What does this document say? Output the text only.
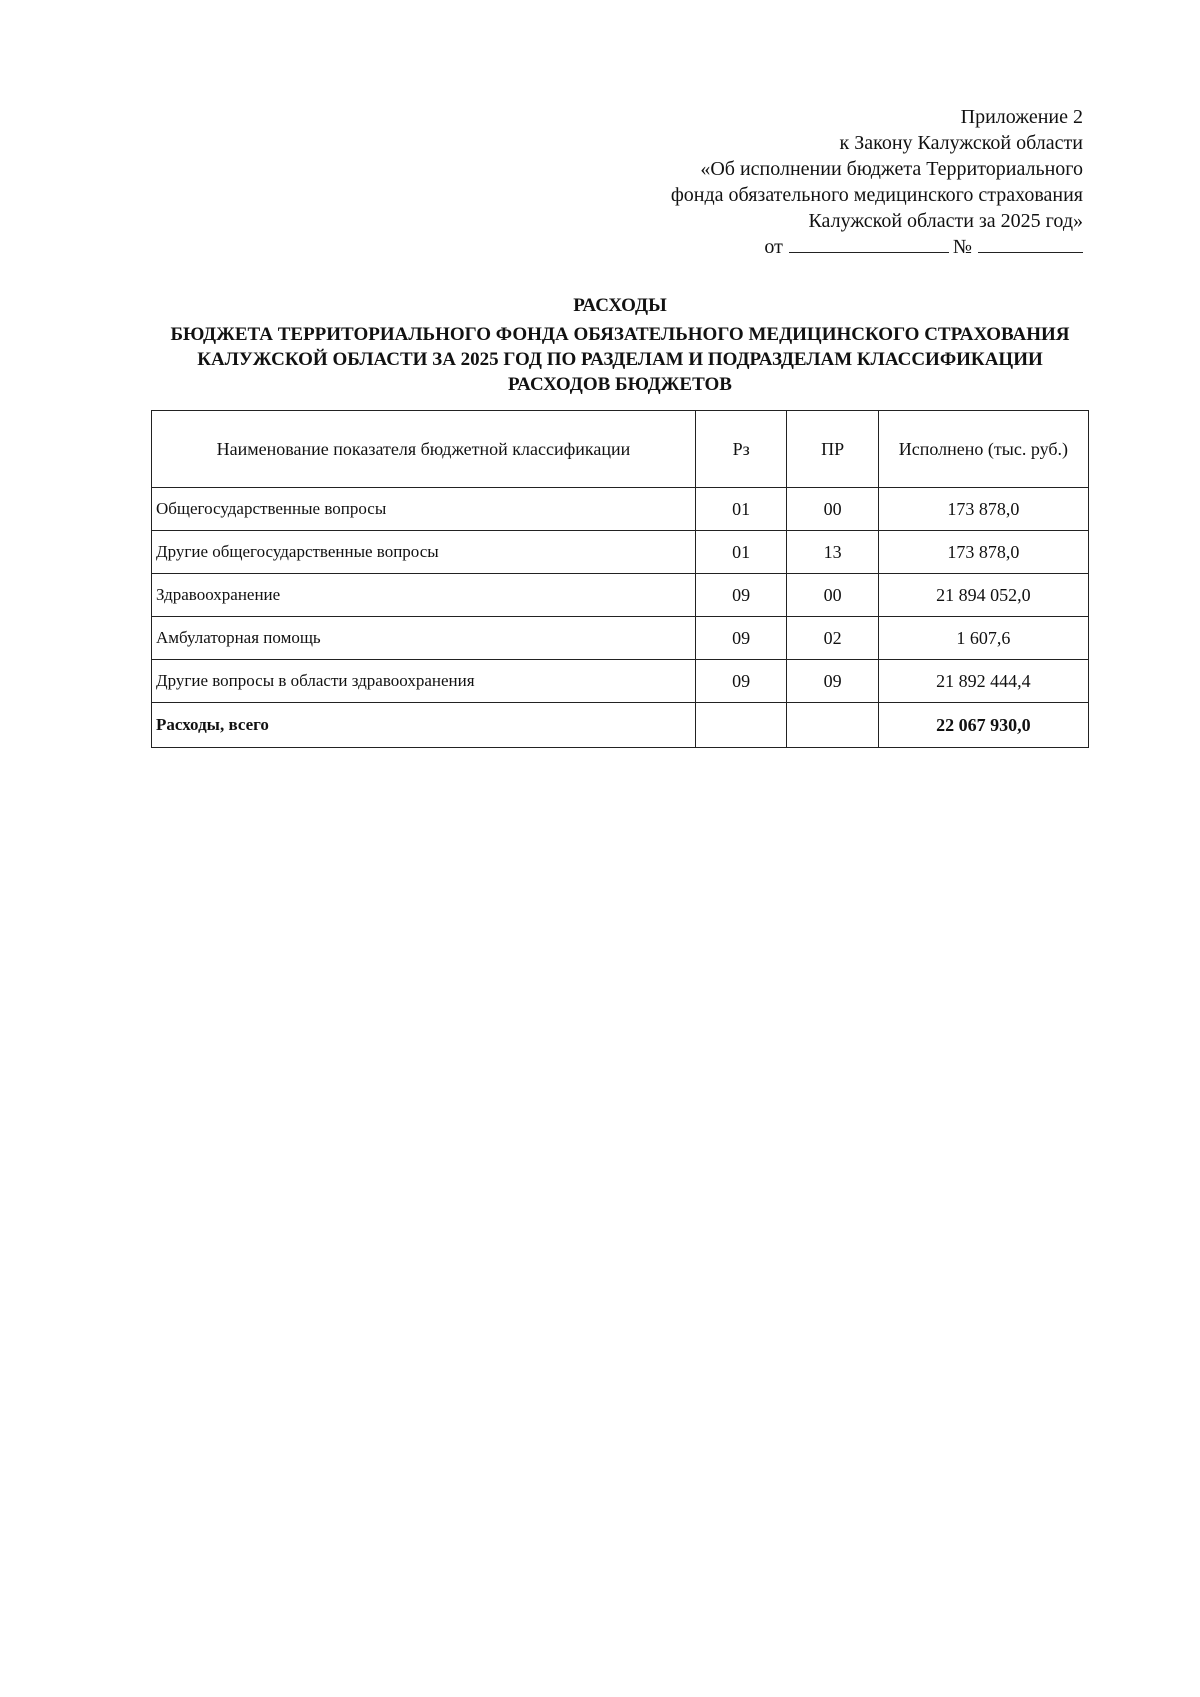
Приложение 2
к Закону Калужской области
«Об исполнении бюджета Территориального
фонда обязательного медицинского страхования
Калужской области за 2025 год»
от	№
РАСХОДЫ
БЮДЖЕТА ТЕРРИТОРИАЛЬНОГО ФОНДА ОБЯЗАТЕЛЬНОГО МЕДИЦИНСКОГО СТРАХОВАНИЯ
КАЛУЖСКОЙ ОБЛАСТИ ЗА 2025 ГОД ПО РАЗДЕЛАМ И ПОДРАЗДЕЛАМ КЛАССИФИКАЦИИ
РАСХОДОВ БЮДЖЕТОВ
Наименование показателя бюджетной классификации	Рз	ПР	Исполнено (тыс. руб.)
Общегосударственные вопросы	01	00	173 878,0
Другие общегосударственные вопросы	01	13	173 878,0
Здравоохранение	09	00	21 894 052,0
Амбулаторная помощь	09	02	1 607,6
Другие вопросы в области здравоохранения	09	09	21 892 444,4
Расходы, всего			22 067 930,0
